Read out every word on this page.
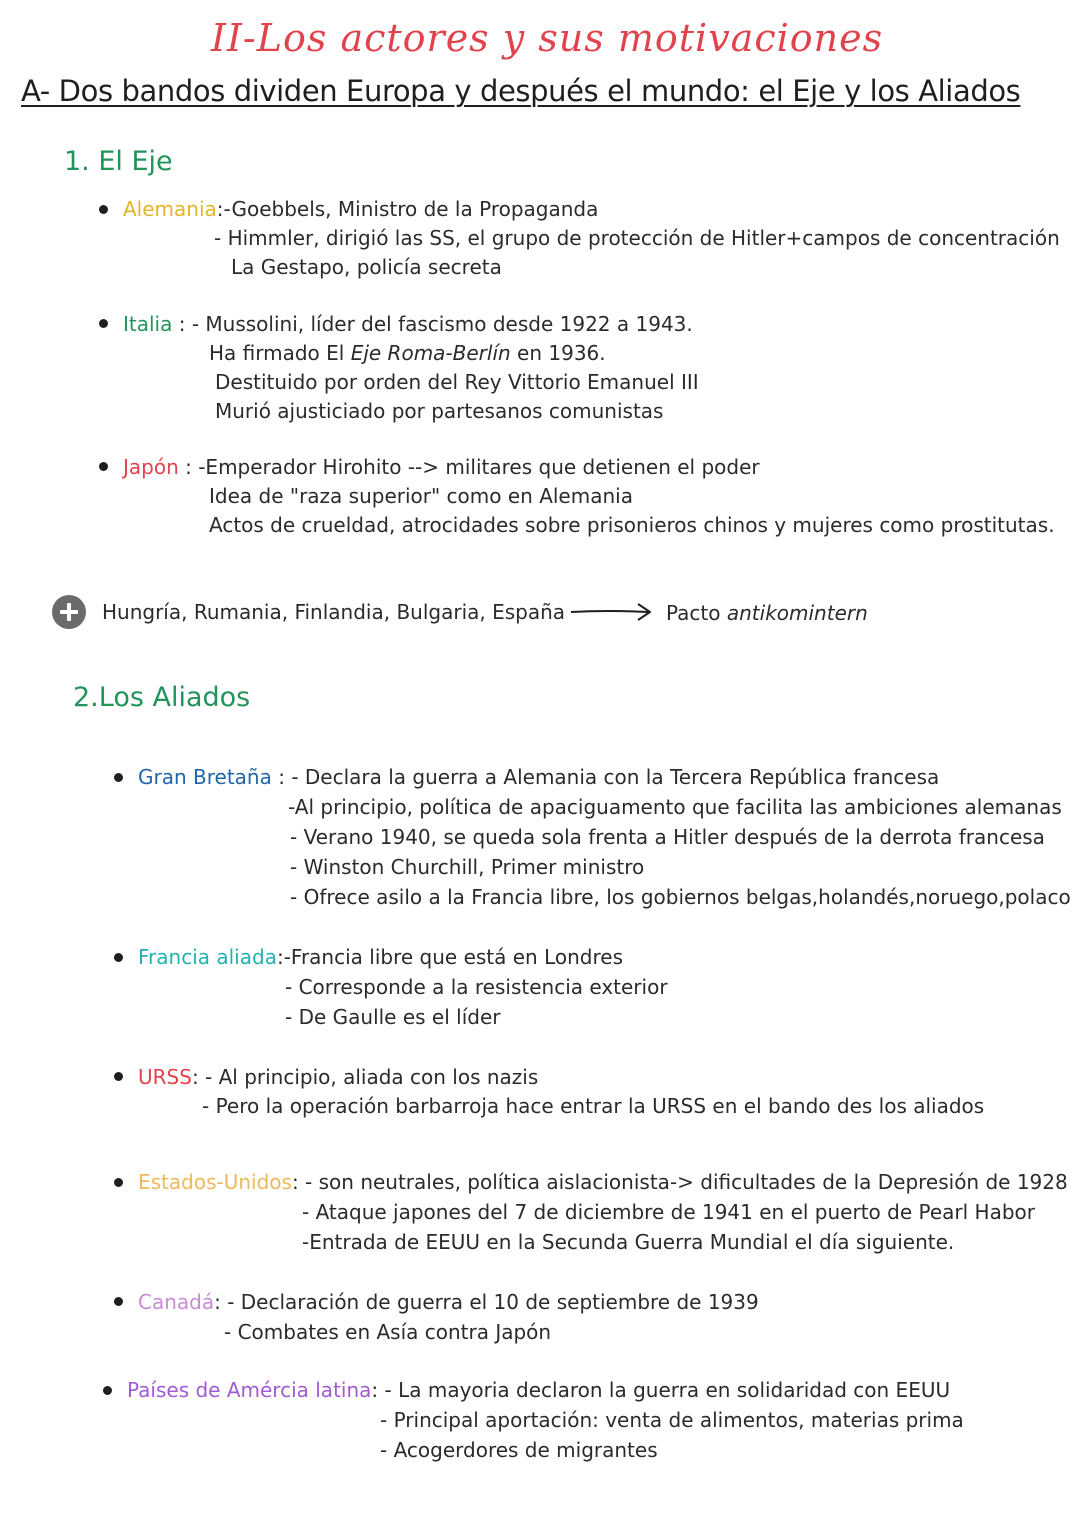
II-Los actores y sus motivaciones
A- Dos bandos dividen Europa y después el mundo: el Eje y los Aliados
1. El Eje
Alemania:-Goebbels, Ministro de la Propaganda
- Himmler, dirigió las SS, el grupo de protección de Hitler+campos de concentración
La Gestapo, policía secreta
Italia : - Mussolini, líder del fascismo desde 1922 a 1943.
Ha firmado El Eje Roma-Berlín en 1936.
Destituido por orden del Rey Vittorio Emanuel III
Murió ajusticiado por partesanos comunistas
Japón : -Emperador Hirohito --> militares que detienen el poder
Idea de "raza superior" como en Alemania
Actos de crueldad, atrocidades sobre prisonieros chinos y mujeres como prostitutas.
Hungría, Rumania, Finlandia, Bulgaria, España	Pacto antikomintern
2.Los Aliados
Gran Bretaña : - Declara la guerra a Alemania con la Tercera República francesa
-Al principio, política de apaciguamento que facilita las ambiciones alemanas
- Verano 1940, se queda sola frenta a Hitler después de la derrota francesa
- Winston Churchill, Primer ministro
- Ofrece asilo a la Francia libre, los gobiernos belgas,holandés,noruego,polaco
Francia aliada:-Francia libre que está en Londres
- Corresponde a la resistencia exterior
- De Gaulle es el líder
URSS: - Al principio, aliada con los nazis
- Pero la operación barbarroja hace entrar la URSS en el bando des los aliados
Estados-Unidos: - son neutrales, política aislacionista-> dificultades de la Depresión de 1928
- Ataque japones del 7 de diciembre de 1941 en el puerto de Pearl Habor
-Entrada de EEUU en la Secunda Guerra Mundial el día siguiente.
Canadá: - Declaración de guerra el 10 de septiembre de 1939
- Combates en Asía contra Japón
Países de Amércia latina: - La mayoria declaron la guerra en solidaridad con EEUU
- Principal aportación: venta de alimentos, materias prima
- Acogerdores de migrantes
